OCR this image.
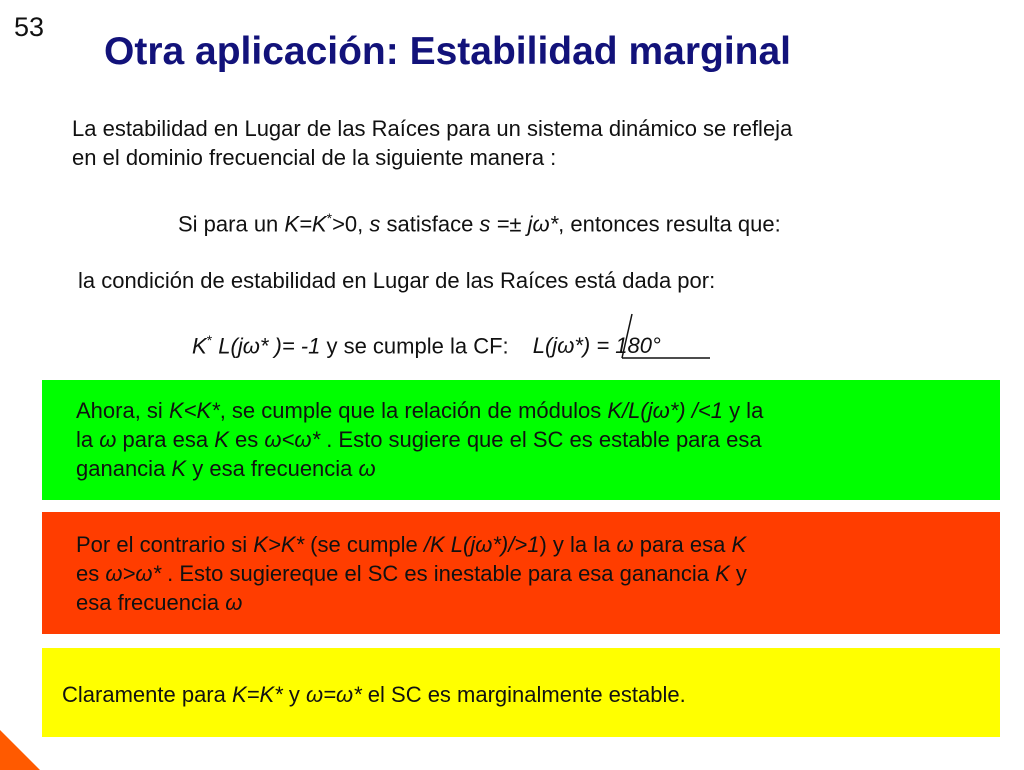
53
Otra aplicación: Estabilidad marginal
La estabilidad en Lugar de las Raíces para un sistema dinámico se refleja
en el dominio frecuencial de la siguiente manera :
Si para un K=K*>0, s satisface s =± jω*, entonces resulta que:
la condición de estabilidad en Lugar de las Raíces está dada por:
K* L(jω* )= -1 y se cumple la CF: L(jω*) = 180°
Ahora, si K<K*, se cumple que la relación de módulos K/L(jω*) /<1 y la
la ω para esa K es ω<ω* . Esto sugiere que el SC es estable para esa
ganancia K y esa frecuencia ω
Por el contrario si K>K* (se cumple /K L(jω*)/>1) y la la ω para esa K
es ω>ω* . Esto sugiereque el SC es inestable para esa ganancia K y
esa frecuencia ω
Claramente para K=K* y ω=ω* el SC es marginalmente estable.
